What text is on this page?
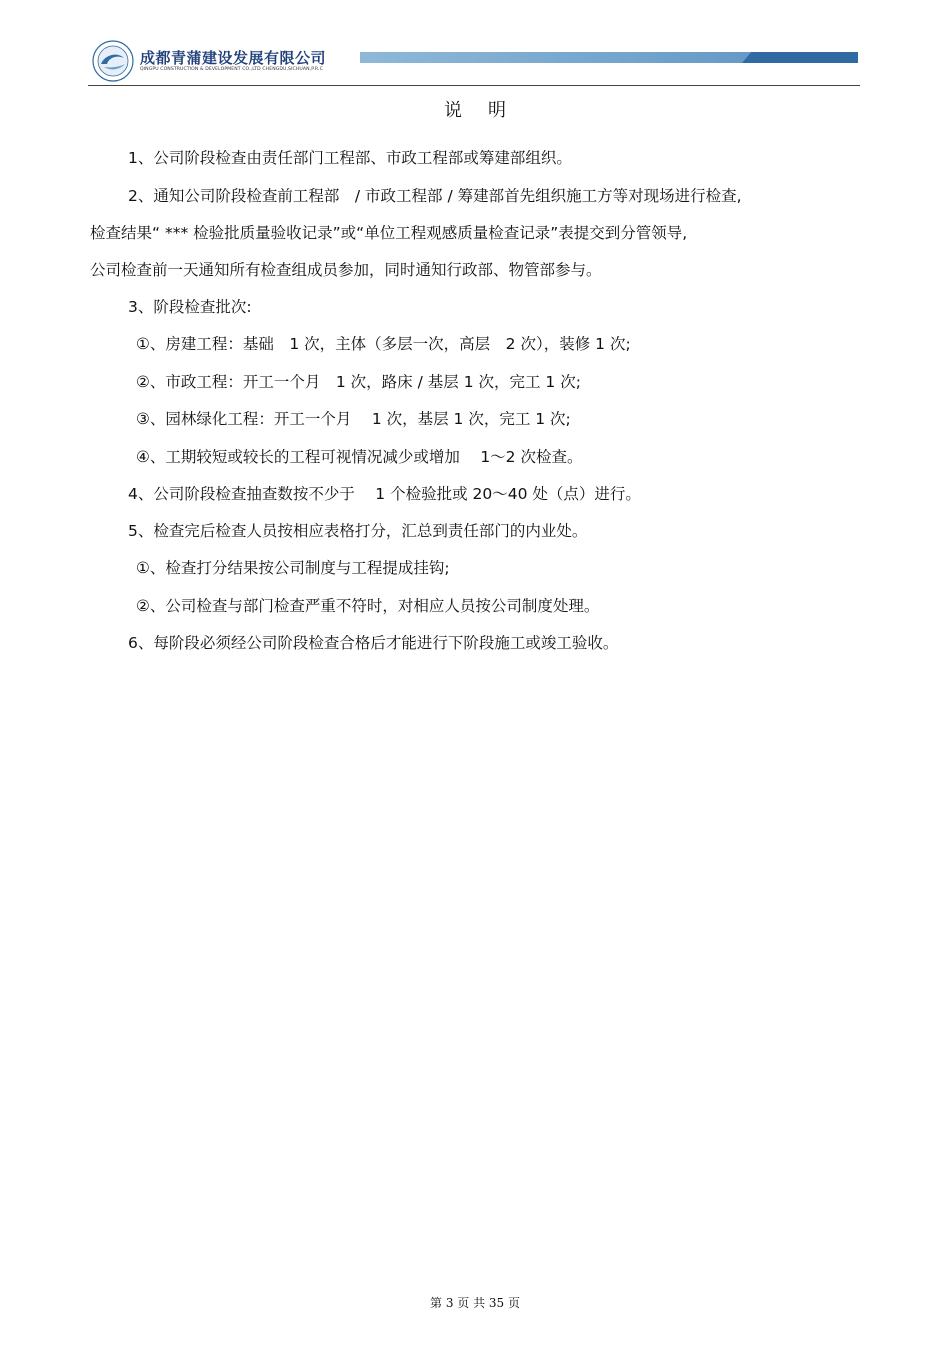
成都青蒲建设发展有限公司
QINGPU CONSTRUCTION & DEVELOPMENT CO.,LTD CHENGDU,SICHUAN,P.R.C
说明
1、公司阶段检查由责任部门工程部、市政工程部或筹建部组织。
2、通知公司阶段检查前工程部　/ 市政工程部 / 筹建部首先组织施工方等对现场进行检查,
检查结果“ *** 检验批质量验收记录”或“单位工程观感质量检查记录”表提交到分管领导,
公司检查前一天通知所有检查组成员参加，同时通知行政部、物管部参与。
3、阶段检查批次:
①、房建工程：基础　1 次，主体（多层一次，高层　2 次），装修 1 次;
②、市政工程：开工一个月　1 次，路床 / 基层 1 次，完工 1 次;
③、园林绿化工程：开工一个月　 1 次，基层 1 次，完工 1 次;
④、工期较短或较长的工程可视情况减少或增加　 1～2 次检查。
4、公司阶段检查抽查数按不少于　 1 个检验批或 20～40 处（点）进行。
5、检查完后检查人员按相应表格打分，汇总到责任部门的内业处。
①、检查打分结果按公司制度与工程提成挂钩;
②、公司检查与部门检查严重不符时，对相应人员按公司制度处理。
6、每阶段必须经公司阶段检查合格后才能进行下阶段施工或竣工验收。
第 3 页 共 35 页
